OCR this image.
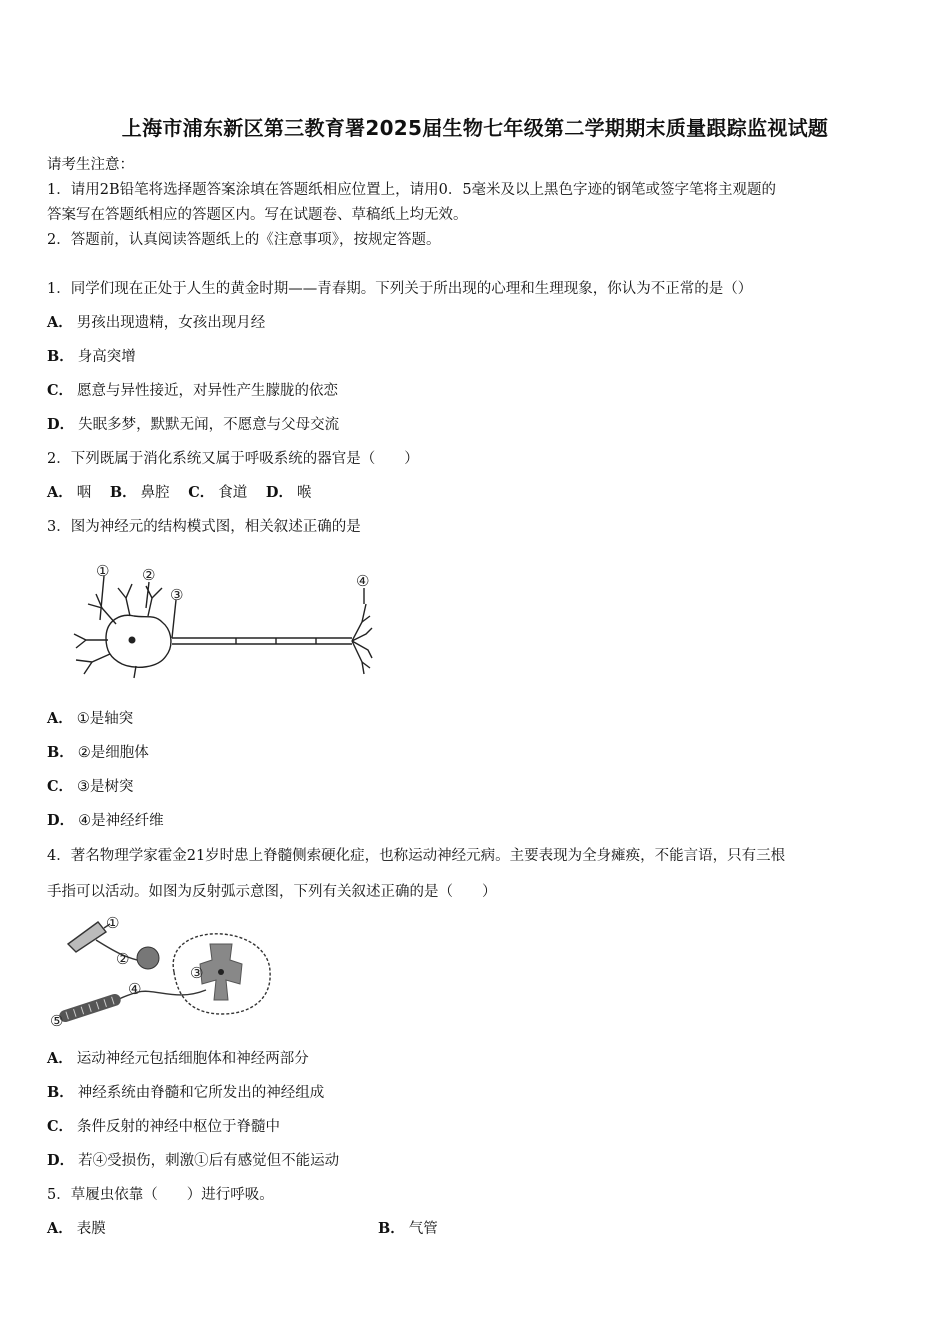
上海市浦东新区第三教育署2025届生物七年级第二学期期末质量跟踪监视试题
请考生注意：
1．请用2B铅笔将选择题答案涂填在答题纸相应位置上，请用0．5毫米及以上黑色字迹的钢笔或签字笔将主观题的
答案写在答题纸相应的答题区内。写在试题卷、草稿纸上均无效。
2．答题前，认真阅读答题纸上的《注意事项》，按规定答题。
1．同学们现在正处于人生的黄金时期——青春期。下列关于所出现的心理和生理现象，你认为不正常的是（）
A． 男孩出现遗精，女孩出现月经
B． 身高突增
C． 愿意与异性接近，对异性产生朦胧的依恋
D． 失眠多梦，默默无闻，不愿意与父母交流
2．下列既属于消化系统又属于呼吸系统的器官是（　　）
A． 咽 B． 鼻腔 C． 食道 D． 喉
3．图为神经元的结构模式图，相关叙述正确的是
① ②
③
④
A． ①是轴突
B． ②是细胞体
C． ③是树突
D． ④是神经纤维
4．著名物理学家霍金21岁时患上脊髓侧索硬化症，也称运动神经元病。主要表现为全身瘫痪，不能言语，只有三根
手指可以活动。如图为反射弧示意图，下列有关叙述正确的是（　　）
①
②
③
④
⑤
A． 运动神经元包括细胞体和神经两部分
B． 神经系统由脊髓和它所发出的神经组成
C． 条件反射的神经中枢位于脊髓中
D． 若④受损伤，刺激①后有感觉但不能运动
5．草履虫依靠（　　）进行呼吸。
A． 表膜	B． 气管
